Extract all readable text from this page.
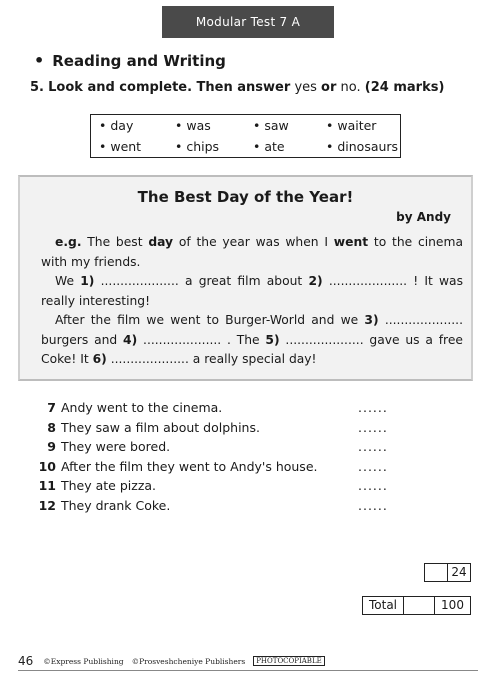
Modular Test 7 A
• Reading and Writing
5. Look and complete. Then answer yes or no. (24 marks)
• day	• was	• saw	• waiter
• went	• chips	• ate	• dinosaurs
The Best Day of the Year!
by Andy

e.g. The best day of the year was when I went to the cinema with my friends.

We 1) .................... a great film about 2) .................... ! It was really interesting!

After the film we went to Burger-World and we 3) .................... burgers and 4) .................... . The 5) .................... gave us a free Coke! It 6) .................... a really special day!

7 Andy went to the cinema.	......
8 They saw a film about dolphins.	......
9 They were bored.	......
10 After the film they went to Andy's house.	......
11 They ate pizza.	......
12 They drank Coke.	......
24
Total	100
46 ©Express Publishing ©Prosveshcheniye Publishers	PHOTOCOPIABLE
